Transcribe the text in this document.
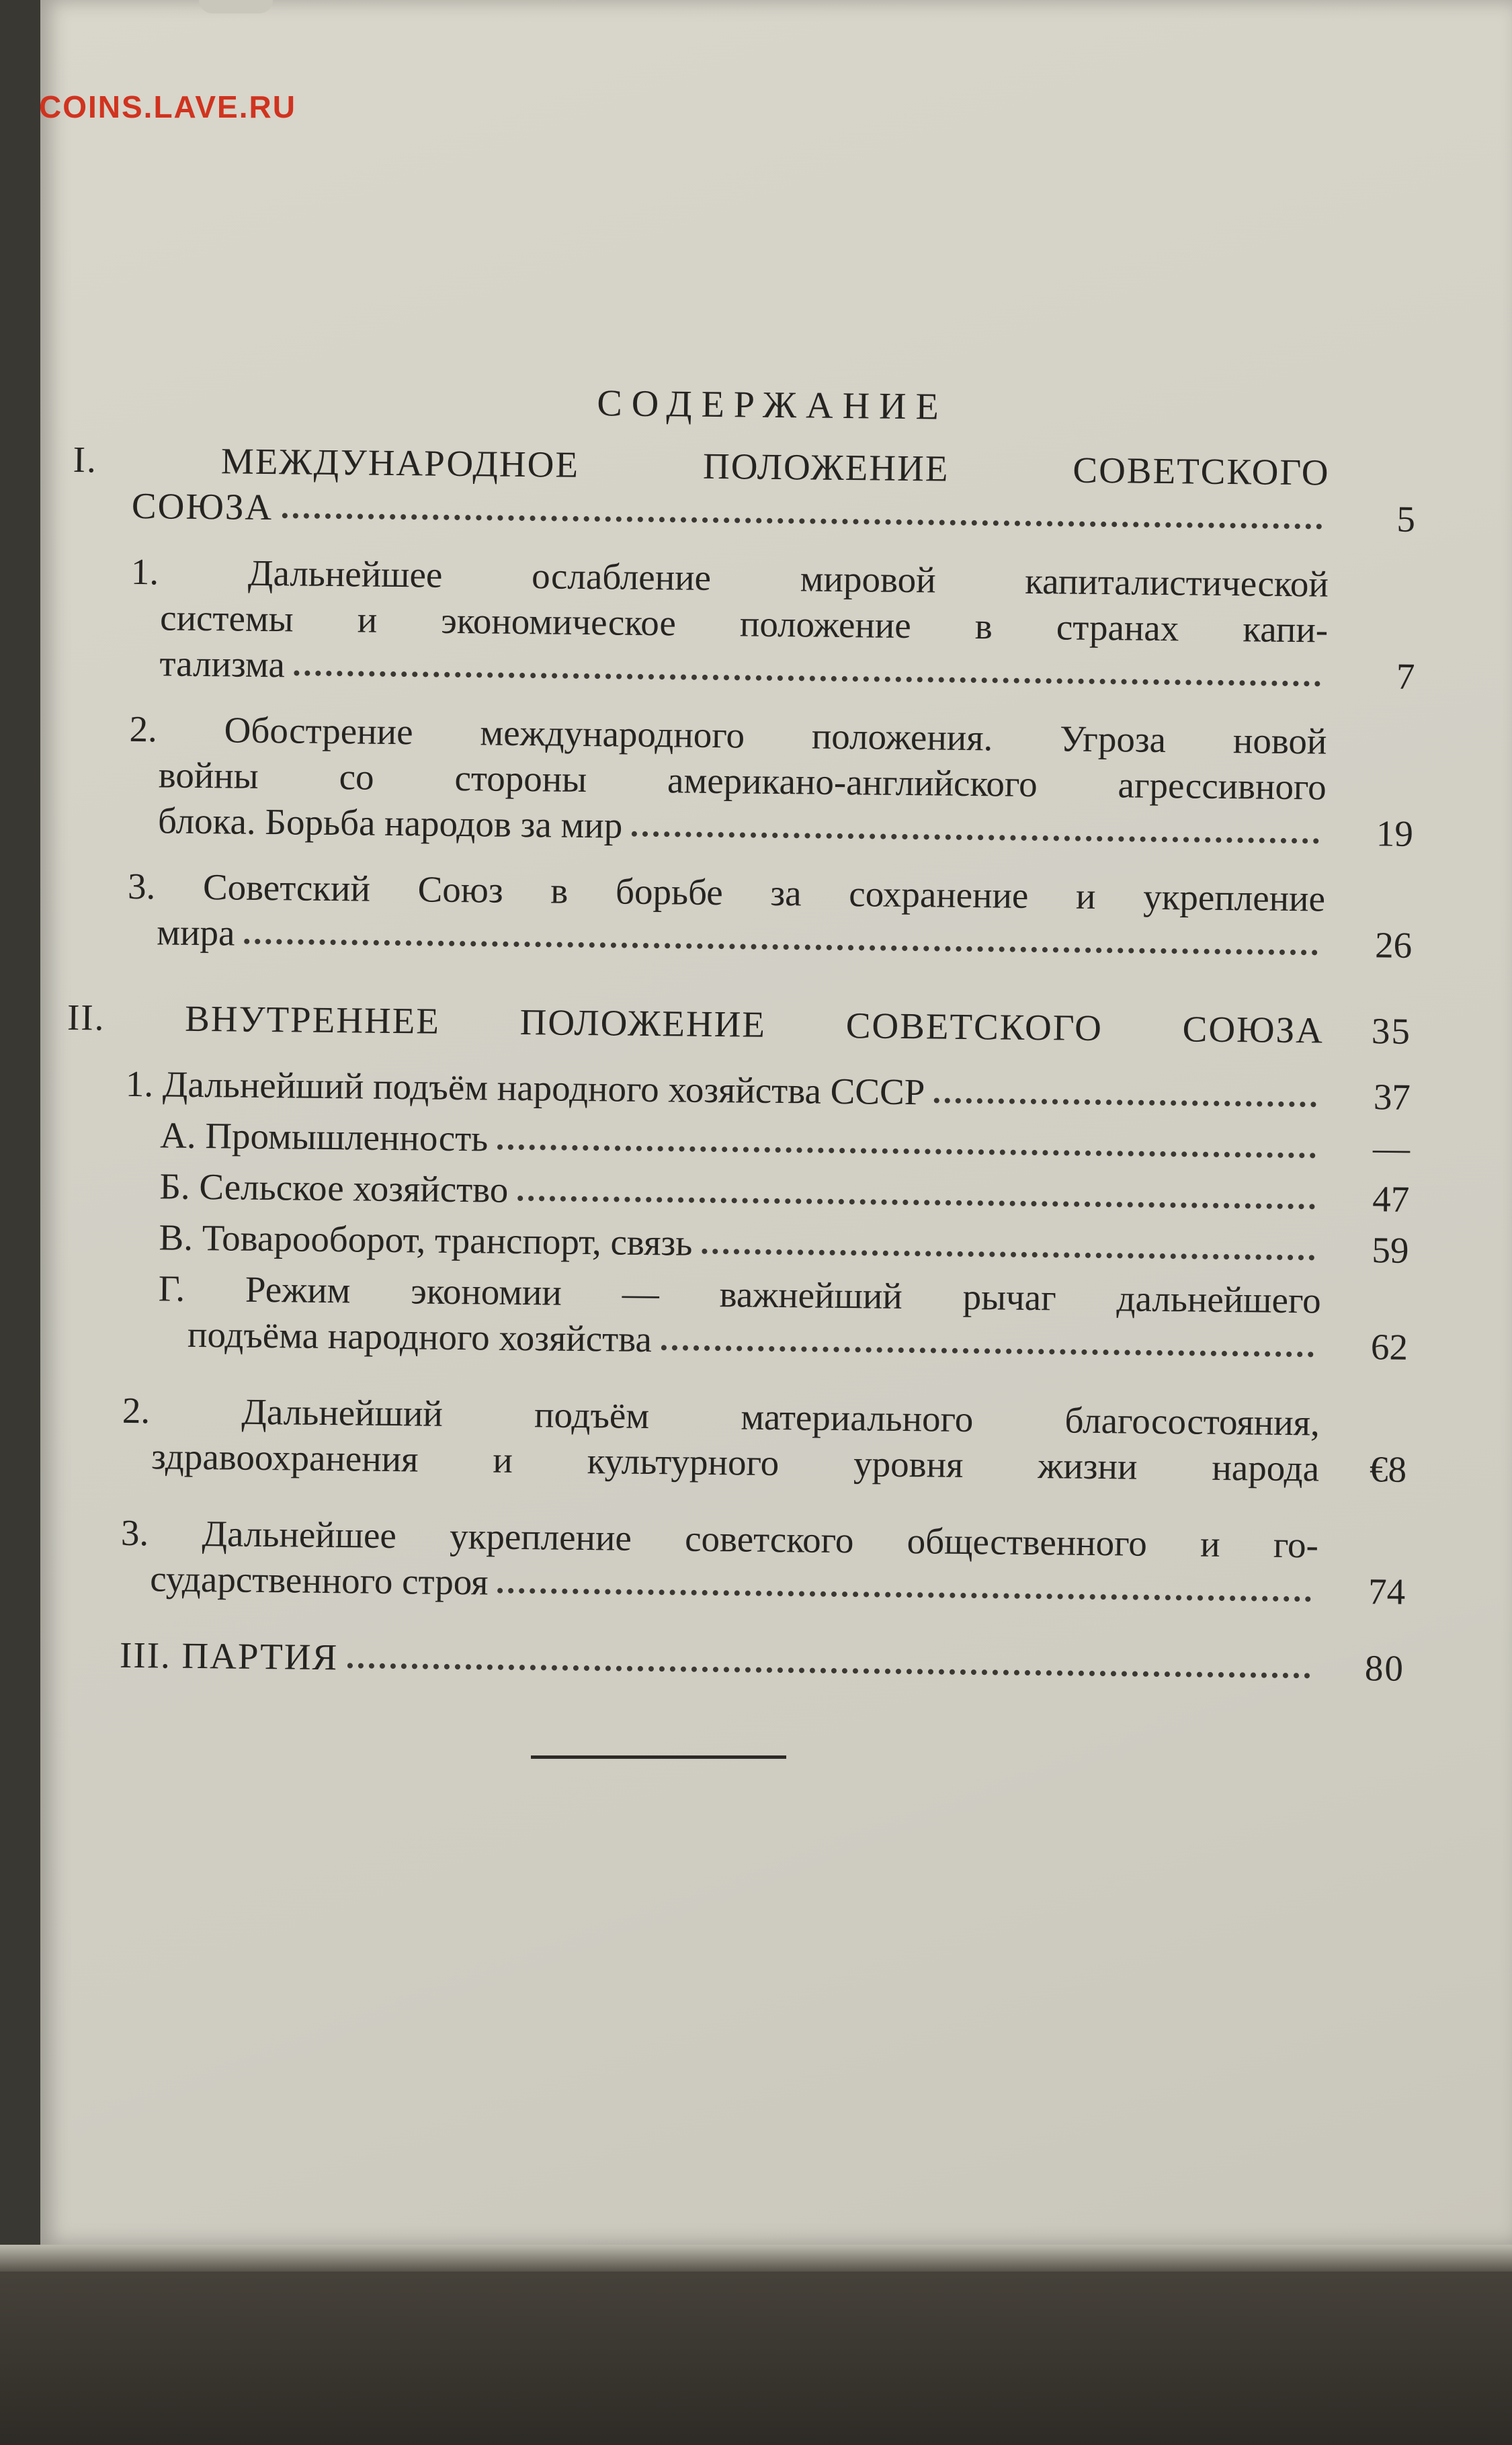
COINS.LAVE.RU
СОДЕРЖАНИЕ
I. МЕЖДУНАРОДНОЕ ПОЛОЖЕНИЕ СОВЕТСКОГО
СОЮЗА	5
1. Дальнейшее ослабление мировой капиталистической
системы и экономическое положение в странах капи-
тализма	7
2. Обострение международного положения. Угроза новой
войны со стороны американо-английского агрессивного
блока. Борьба народов за мир	19
3. Советский Союз в борьбе за сохранение и укрепление
мира	26
II. ВНУТРЕННЕЕ ПОЛОЖЕНИЕ СОВЕТСКОГО СОЮЗА	35
1. Дальнейший подъём народного хозяйства СССР	37
А. Промышленность	—
Б. Сельское хозяйство	47
В. Товарооборот, транспорт, связь	59
Г. Режим экономии — важнейший рычаг дальнейшего
подъёма народного хозяйства	62
2. Дальнейший подъём материального благосостояния,
здравоохранения и культурного уровня жизни народа	€8
3. Дальнейшее укрепление советского общественного и го-
сударственного строя	74
III. ПАРТИЯ	80
